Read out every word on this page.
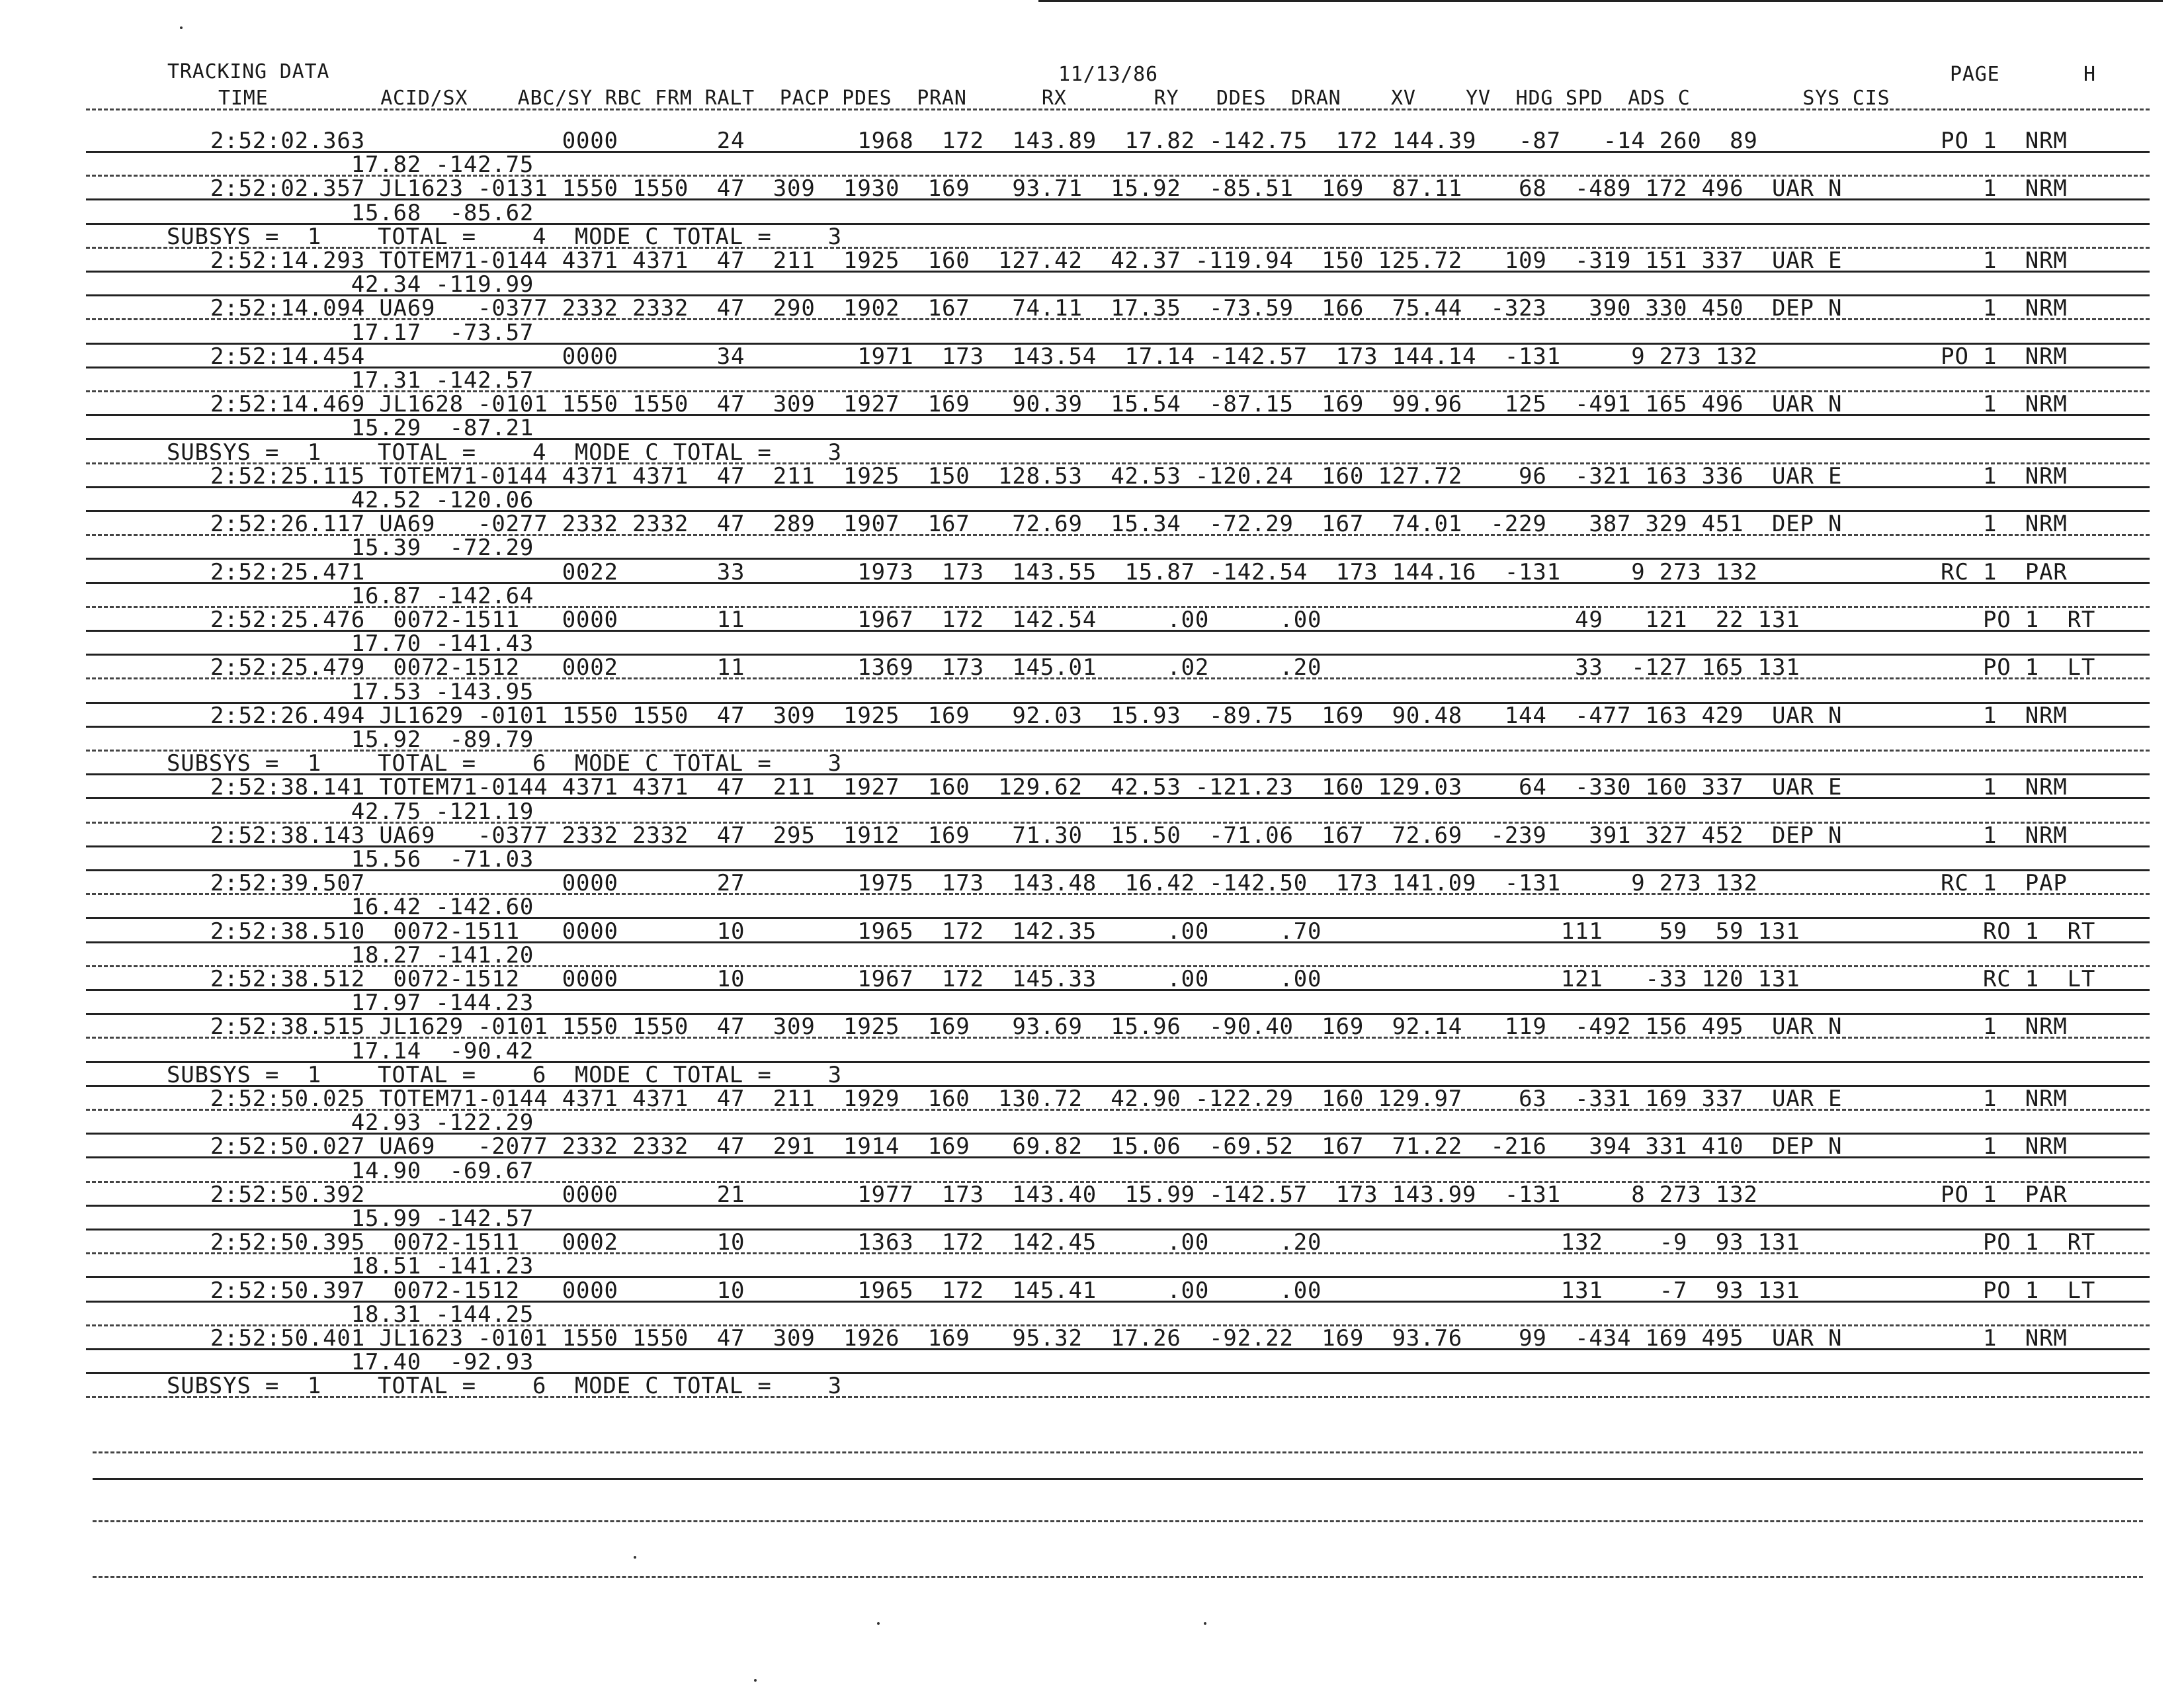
TRACKING DATA	11/13/86	PAGE	H
TIME         ACID/SX    ABC/SY RBC FRM RALT  PACP PDES  PRAN      RX       RY   DDES  DRAN    XV    YV  HDG SPD  ADS C         SYS CIS
2:52:02.363              0000       24        1968  172  143.89  17.82 -142.75  172 144.39   -87   -14 260  89             PO 1  NRM
17.82 -142.75
2:52:02.357 JL1623 -0131 1550 1550  47  309  1930  169   93.71  15.92  -85.51  169  87.11    68  -489 172 496  UAR N          1  NRM
15.68  -85.62
SUBSYS =  1    TOTAL =    4  MODE C TOTAL =    3
2:52:14.293 TOTEM71-0144 4371 4371  47  211  1925  160  127.42  42.37 -119.94  150 125.72   109  -319 151 337  UAR E          1  NRM
42.34 -119.99
2:52:14.094 UA69   -0377 2332 2332  47  290  1902  167   74.11  17.35  -73.59  166  75.44  -323   390 330 450  DEP N          1  NRM
17.17  -73.57
2:52:14.454              0000       34        1971  173  143.54  17.14 -142.57  173 144.14  -131     9 273 132             PO 1  NRM
17.31 -142.57
2:52:14.469 JL1628 -0101 1550 1550  47  309  1927  169   90.39  15.54  -87.15  169  99.96   125  -491 165 496  UAR N          1  NRM
15.29  -87.21
SUBSYS =  1    TOTAL =    4  MODE C TOTAL =    3
2:52:25.115 TOTEM71-0144 4371 4371  47  211  1925  150  128.53  42.53 -120.24  160 127.72    96  -321 163 336  UAR E          1  NRM
42.52 -120.06
2:52:26.117 UA69   -0277 2332 2332  47  289  1907  167   72.69  15.34  -72.29  167  74.01  -229   387 329 451  DEP N          1  NRM
15.39  -72.29
2:52:25.471              0022       33        1973  173  143.55  15.87 -142.54  173 144.16  -131     9 273 132             RC 1  PAR
16.87 -142.64
2:52:25.476  0072-1511   0000       11        1967  172  142.54     .00     .00                  49   121  22 131             PO 1  RT
17.70 -141.43
2:52:25.479  0072-1512   0002       11        1369  173  145.01     .02     .20                  33  -127 165 131             PO 1  LT
17.53 -143.95
2:52:26.494 JL1629 -0101 1550 1550  47  309  1925  169   92.03  15.93  -89.75  169  90.48   144  -477 163 429  UAR N          1  NRM
15.92  -89.79
SUBSYS =  1    TOTAL =    6  MODE C TOTAL =    3
2:52:38.141 TOTEM71-0144 4371 4371  47  211  1927  160  129.62  42.53 -121.23  160 129.03    64  -330 160 337  UAR E          1  NRM
42.75 -121.19
2:52:38.143 UA69   -0377 2332 2332  47  295  1912  169   71.30  15.50  -71.06  167  72.69  -239   391 327 452  DEP N          1  NRM
15.56  -71.03
2:52:39.507              0000       27        1975  173  143.48  16.42 -142.50  173 141.09  -131     9 273 132             RC 1  PAP
16.42 -142.60
2:52:38.510  0072-1511   0000       10        1965  172  142.35     .00     .70                 111    59  59 131             RO 1  RT
18.27 -141.20
2:52:38.512  0072-1512   0000       10        1967  172  145.33     .00     .00                 121   -33 120 131             RC 1  LT
17.97 -144.23
2:52:38.515 JL1629 -0101 1550 1550  47  309  1925  169   93.69  15.96  -90.40  169  92.14   119  -492 156 495  UAR N          1  NRM
17.14  -90.42
SUBSYS =  1    TOTAL =    6  MODE C TOTAL =    3
2:52:50.025 TOTEM71-0144 4371 4371  47  211  1929  160  130.72  42.90 -122.29  160 129.97    63  -331 169 337  UAR E          1  NRM
42.93 -122.29
2:52:50.027 UA69   -2077 2332 2332  47  291  1914  169   69.82  15.06  -69.52  167  71.22  -216   394 331 410  DEP N          1  NRM
14.90  -69.67
2:52:50.392              0000       21        1977  173  143.40  15.99 -142.57  173 143.99  -131     8 273 132             PO 1  PAR
15.99 -142.57
2:52:50.395  0072-1511   0002       10        1363  172  142.45     .00     .20                 132    -9  93 131             PO 1  RT
18.51 -141.23
2:52:50.397  0072-1512   0000       10        1965  172  145.41     .00     .00                 131    -7  93 131             PO 1  LT
18.31 -144.25
2:52:50.401 JL1623 -0101 1550 1550  47  309  1926  169   95.32  17.26  -92.22  169  93.76    99  -434 169 495  UAR N          1  NRM
17.40  -92.93
SUBSYS =  1    TOTAL =    6  MODE C TOTAL =    3
